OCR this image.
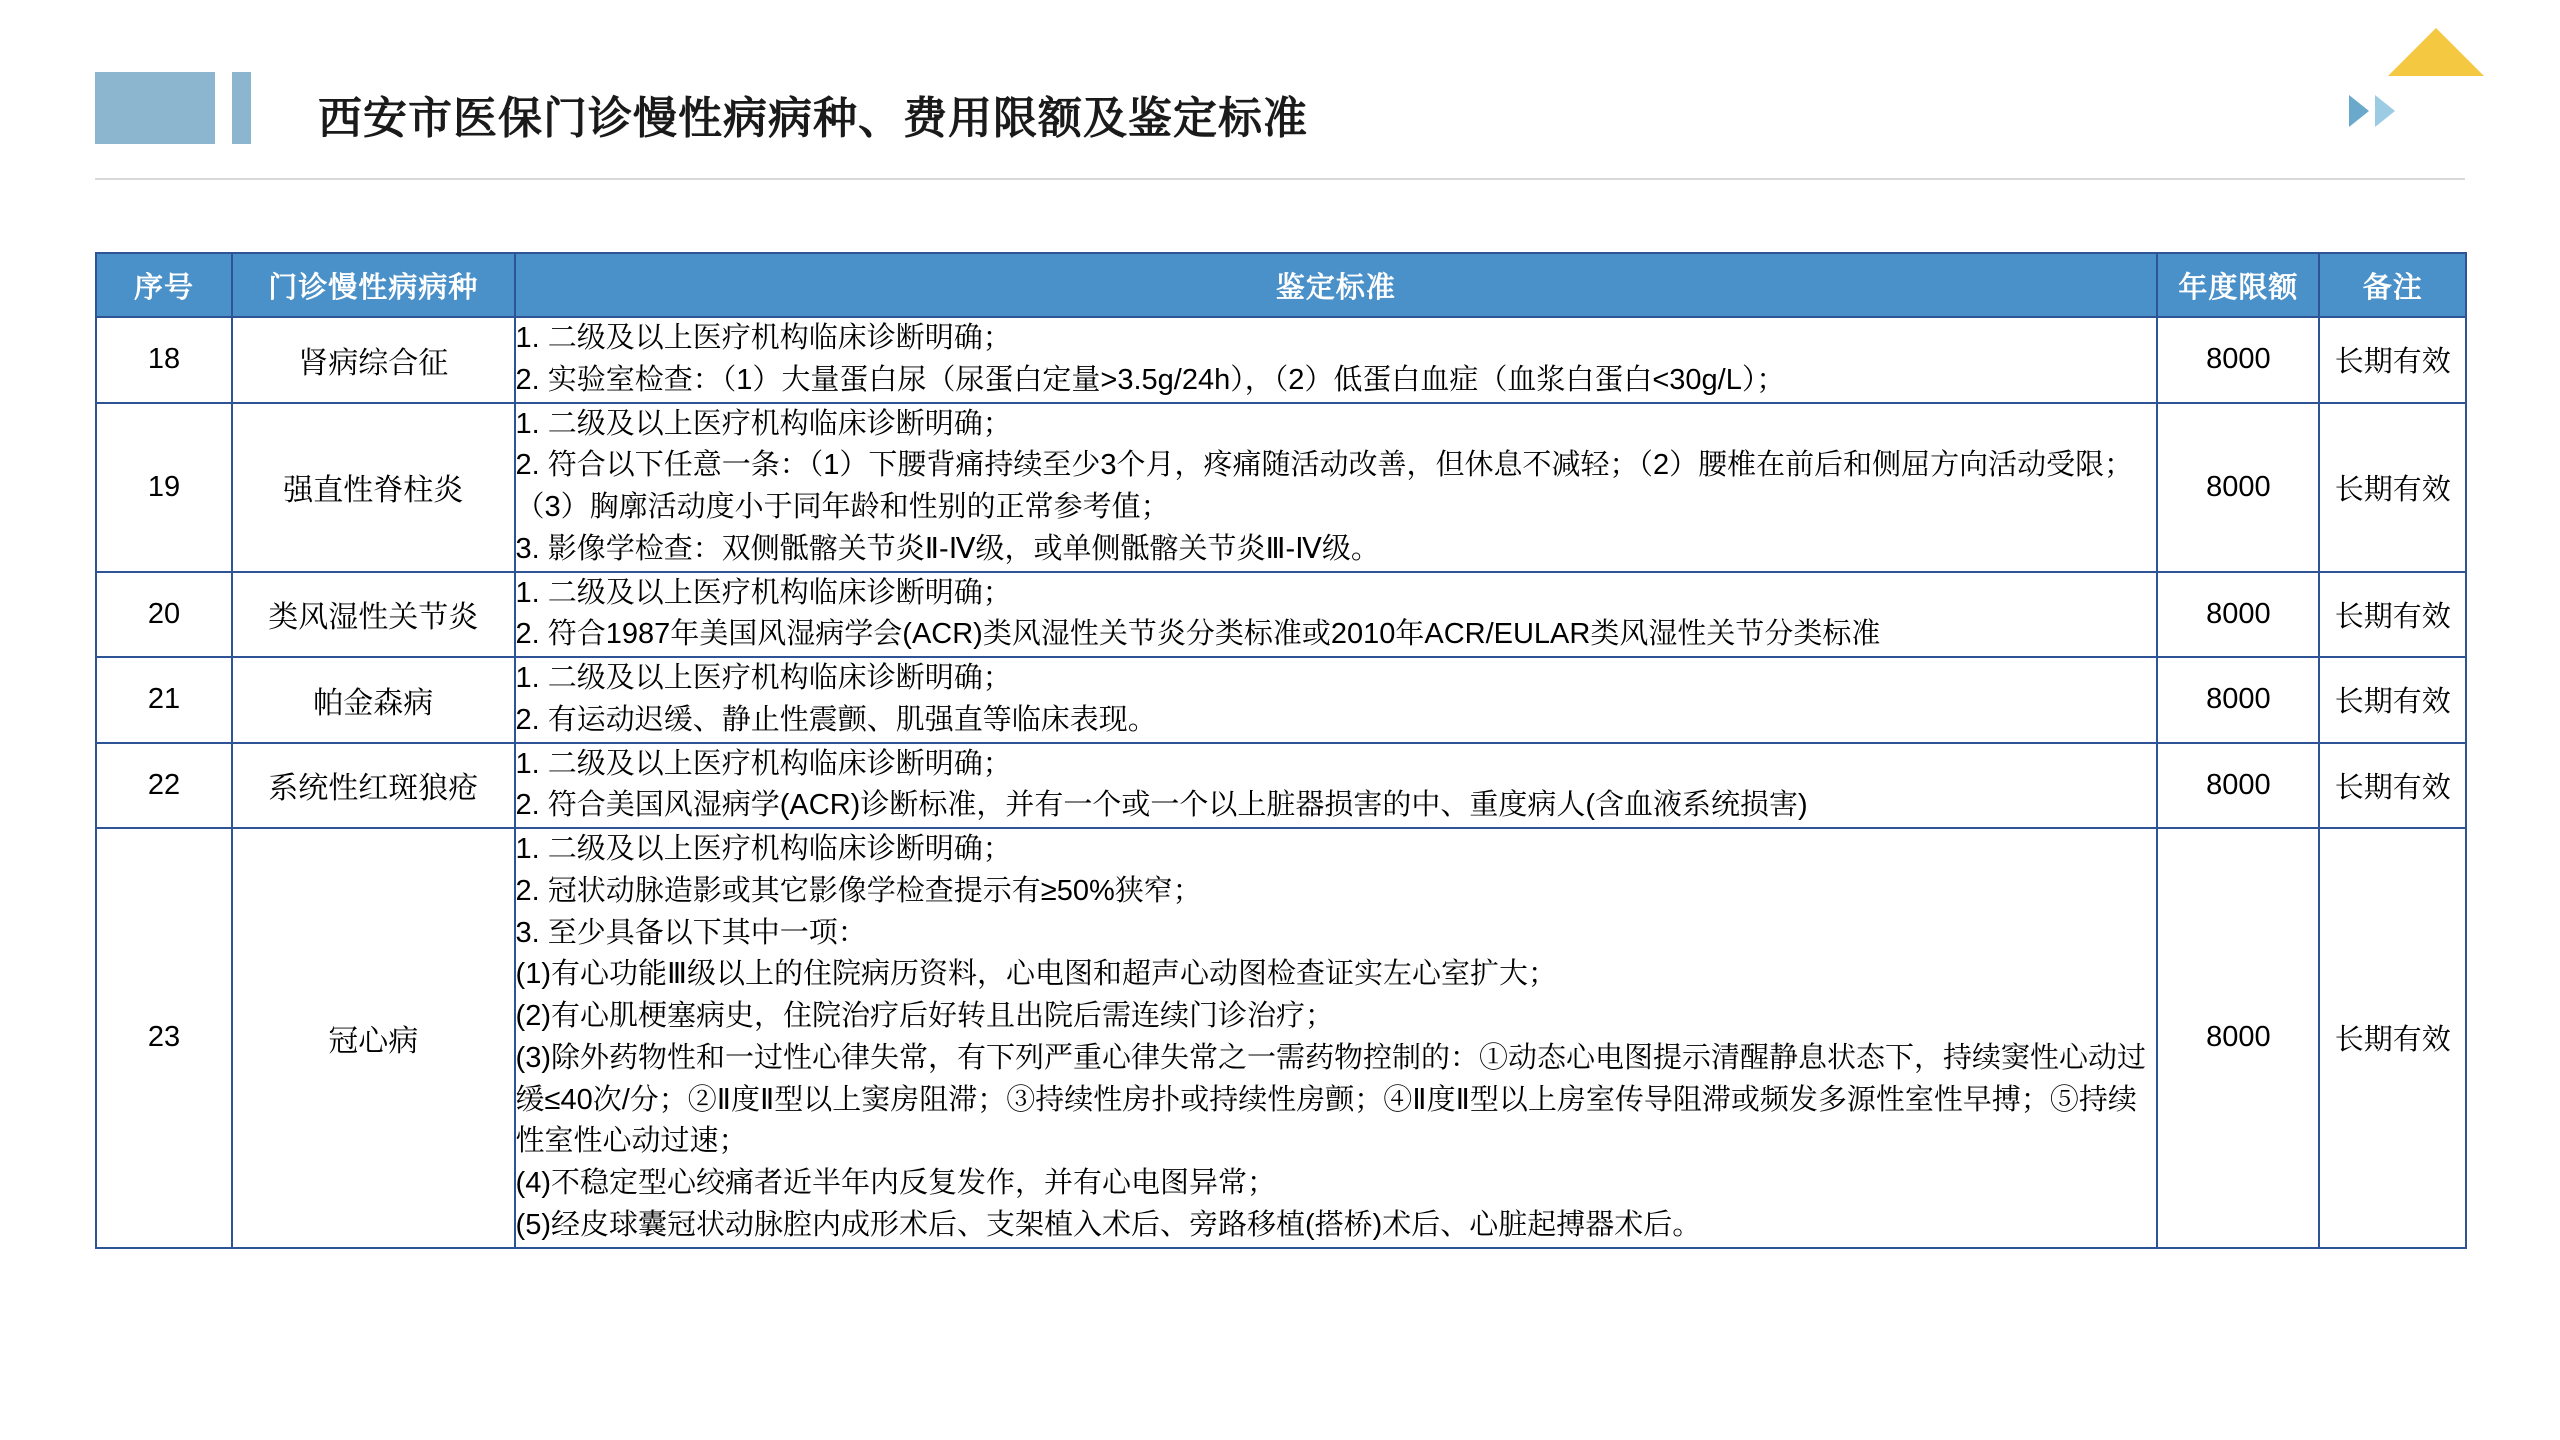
西安市医保门诊慢性病病种、费用限额及鉴定标准
序号	门诊慢性病病种	鉴定标准	年度限额	备注
18	肾病综合征	1. 二级及以上医疗机构临床诊断明确；
2. 实验室检查：（1）大量蛋白尿（尿蛋白定量>3.5g/24h），（2）低蛋白血症（血浆白蛋白<30g/L）；	8000	长期有效
19	强直性脊柱炎	1. 二级及以上医疗机构临床诊断明确；
2. 符合以下任意一条：（1）下腰背痛持续至少3个月，疼痛随活动改善，但休息不减轻；（2）腰椎在前后和侧屈方向活动受限；（3）胸廓活动度小于同年龄和性别的正常参考值；
3. 影像学检查：双侧骶髂关节炎Ⅱ-Ⅳ级，或单侧骶髂关节炎Ⅲ-Ⅳ级。	8000	长期有效
20	类风湿性关节炎	1. 二级及以上医疗机构临床诊断明确；
2. 符合1987年美国风湿病学会(ACR)类风湿性关节炎分类标准或2010年ACR/EULAR类风湿性关节分类标准	8000	长期有效
21	帕金森病	1. 二级及以上医疗机构临床诊断明确；
2. 有运动迟缓、静止性震颤、肌强直等临床表现。	8000	长期有效
22	系统性红斑狼疮	1. 二级及以上医疗机构临床诊断明确；
2. 符合美国风湿病学(ACR)诊断标准，并有一个或一个以上脏器损害的中、重度病人(含血液系统损害)	8000	长期有效
23	冠心病	
1. 二级及以上医疗机构临床诊断明确；
2. 冠状动脉造影或其它影像学检查提示有≥50%狭窄；
3. 至少具备以下其中一项：
(1)有心功能Ⅲ级以上的住院病历资料，心电图和超声心动图检查证实左心室扩大；
(2)有心肌梗塞病史，住院治疗后好转且出院后需连续门诊治疗；
(3)除外药物性和一过性心律失常，有下列严重心律失常之一需药物控制的：①动态心电图提示清醒静息状态下，持续窦性心动过缓≤40次/分；②Ⅱ度Ⅱ型以上窦房阻滞；③持续性房扑或持续性房颤；④Ⅱ度Ⅱ型以上房室传导阻滞或频发多源性室性早搏；⑤持续性室性心动过速；
(4)不稳定型心绞痛者近半年内反复发作，并有心电图异常；
(5)经皮球囊冠状动脉腔内成形术后、支架植入术后、旁路移植(搭桥)术后、心脏起搏器术后。
	8000	长期有效
